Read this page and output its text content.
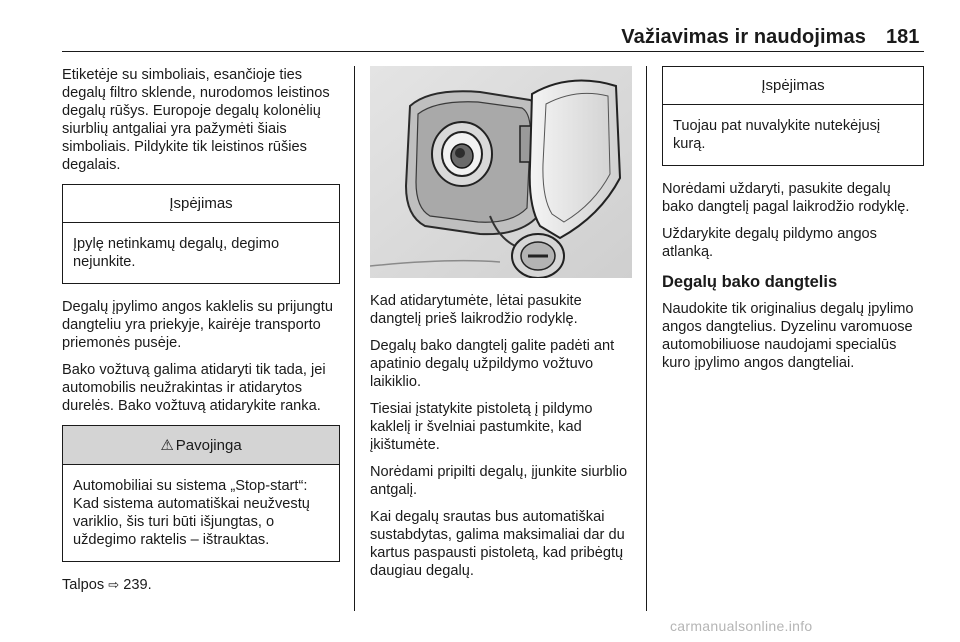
Važiavimas ir naudojimas 181

Etiketėje su simboliais, esančioje ties degalų filtro sklende, nurodomos leistinos degalų rūšys. Europoje degalų kolonėlių siurblių antgaliai yra pažymėti šiais simboliais. Pildykite tik leistinos rūšies degalais.

Įspėjimas
Įpylę netinkamų degalų, degimo nejunkite.

Degalų įpylimo angos kaklelis su prijungtu dangteliu yra priekyje, kairėje transporto priemonės pusėje.

Bako vožtuvą galima atidaryti tik tada, jei automobilis neužrakintas ir atidarytos durelės. Bako vožtuvą atidarykite ranka.

⚠ Pavojinga
Automobiliai su sistema „Stop-start“: Kad sistema automatiškai neužvestų variklio, šis turi būti išjungtas, o uždegimo raktelis – ištrauktas.

Talpos ⇨ 239.

Kad atidarytumėte, lėtai pasukite dangtelį prieš laikrodžio rodyklę.

Degalų bako dangtelį galite padėti ant apatinio degalų užpildymo vožtuvo laikiklio.

Tiesiai įstatykite pistoletą į pildymo kaklelį ir švelniai pastumkite, kad įkištumėte.

Norėdami pripilti degalų, įjunkite siurblio antgalį.

Kai degalų srautas bus automatiškai sustabdytas, galima maksimaliai dar du kartus paspausti pistoletą, kad pribėgtų daugiau degalų.

Įspėjimas
Tuojau pat nuvalykite nutekėjusį kurą.

Norėdami uždaryti, pasukite degalų bako dangtelį pagal laikrodžio rodyklę.

Uždarykite degalų pildymo angos atlanką.

Degalų bako dangtelis

Naudokite tik originalius degalų įpylimo angos dangtelius. Dyzelinu varomuose automobiliuose naudojami specialūs kuro įpylimo angos dangteliai.

carmanualsonline.info
